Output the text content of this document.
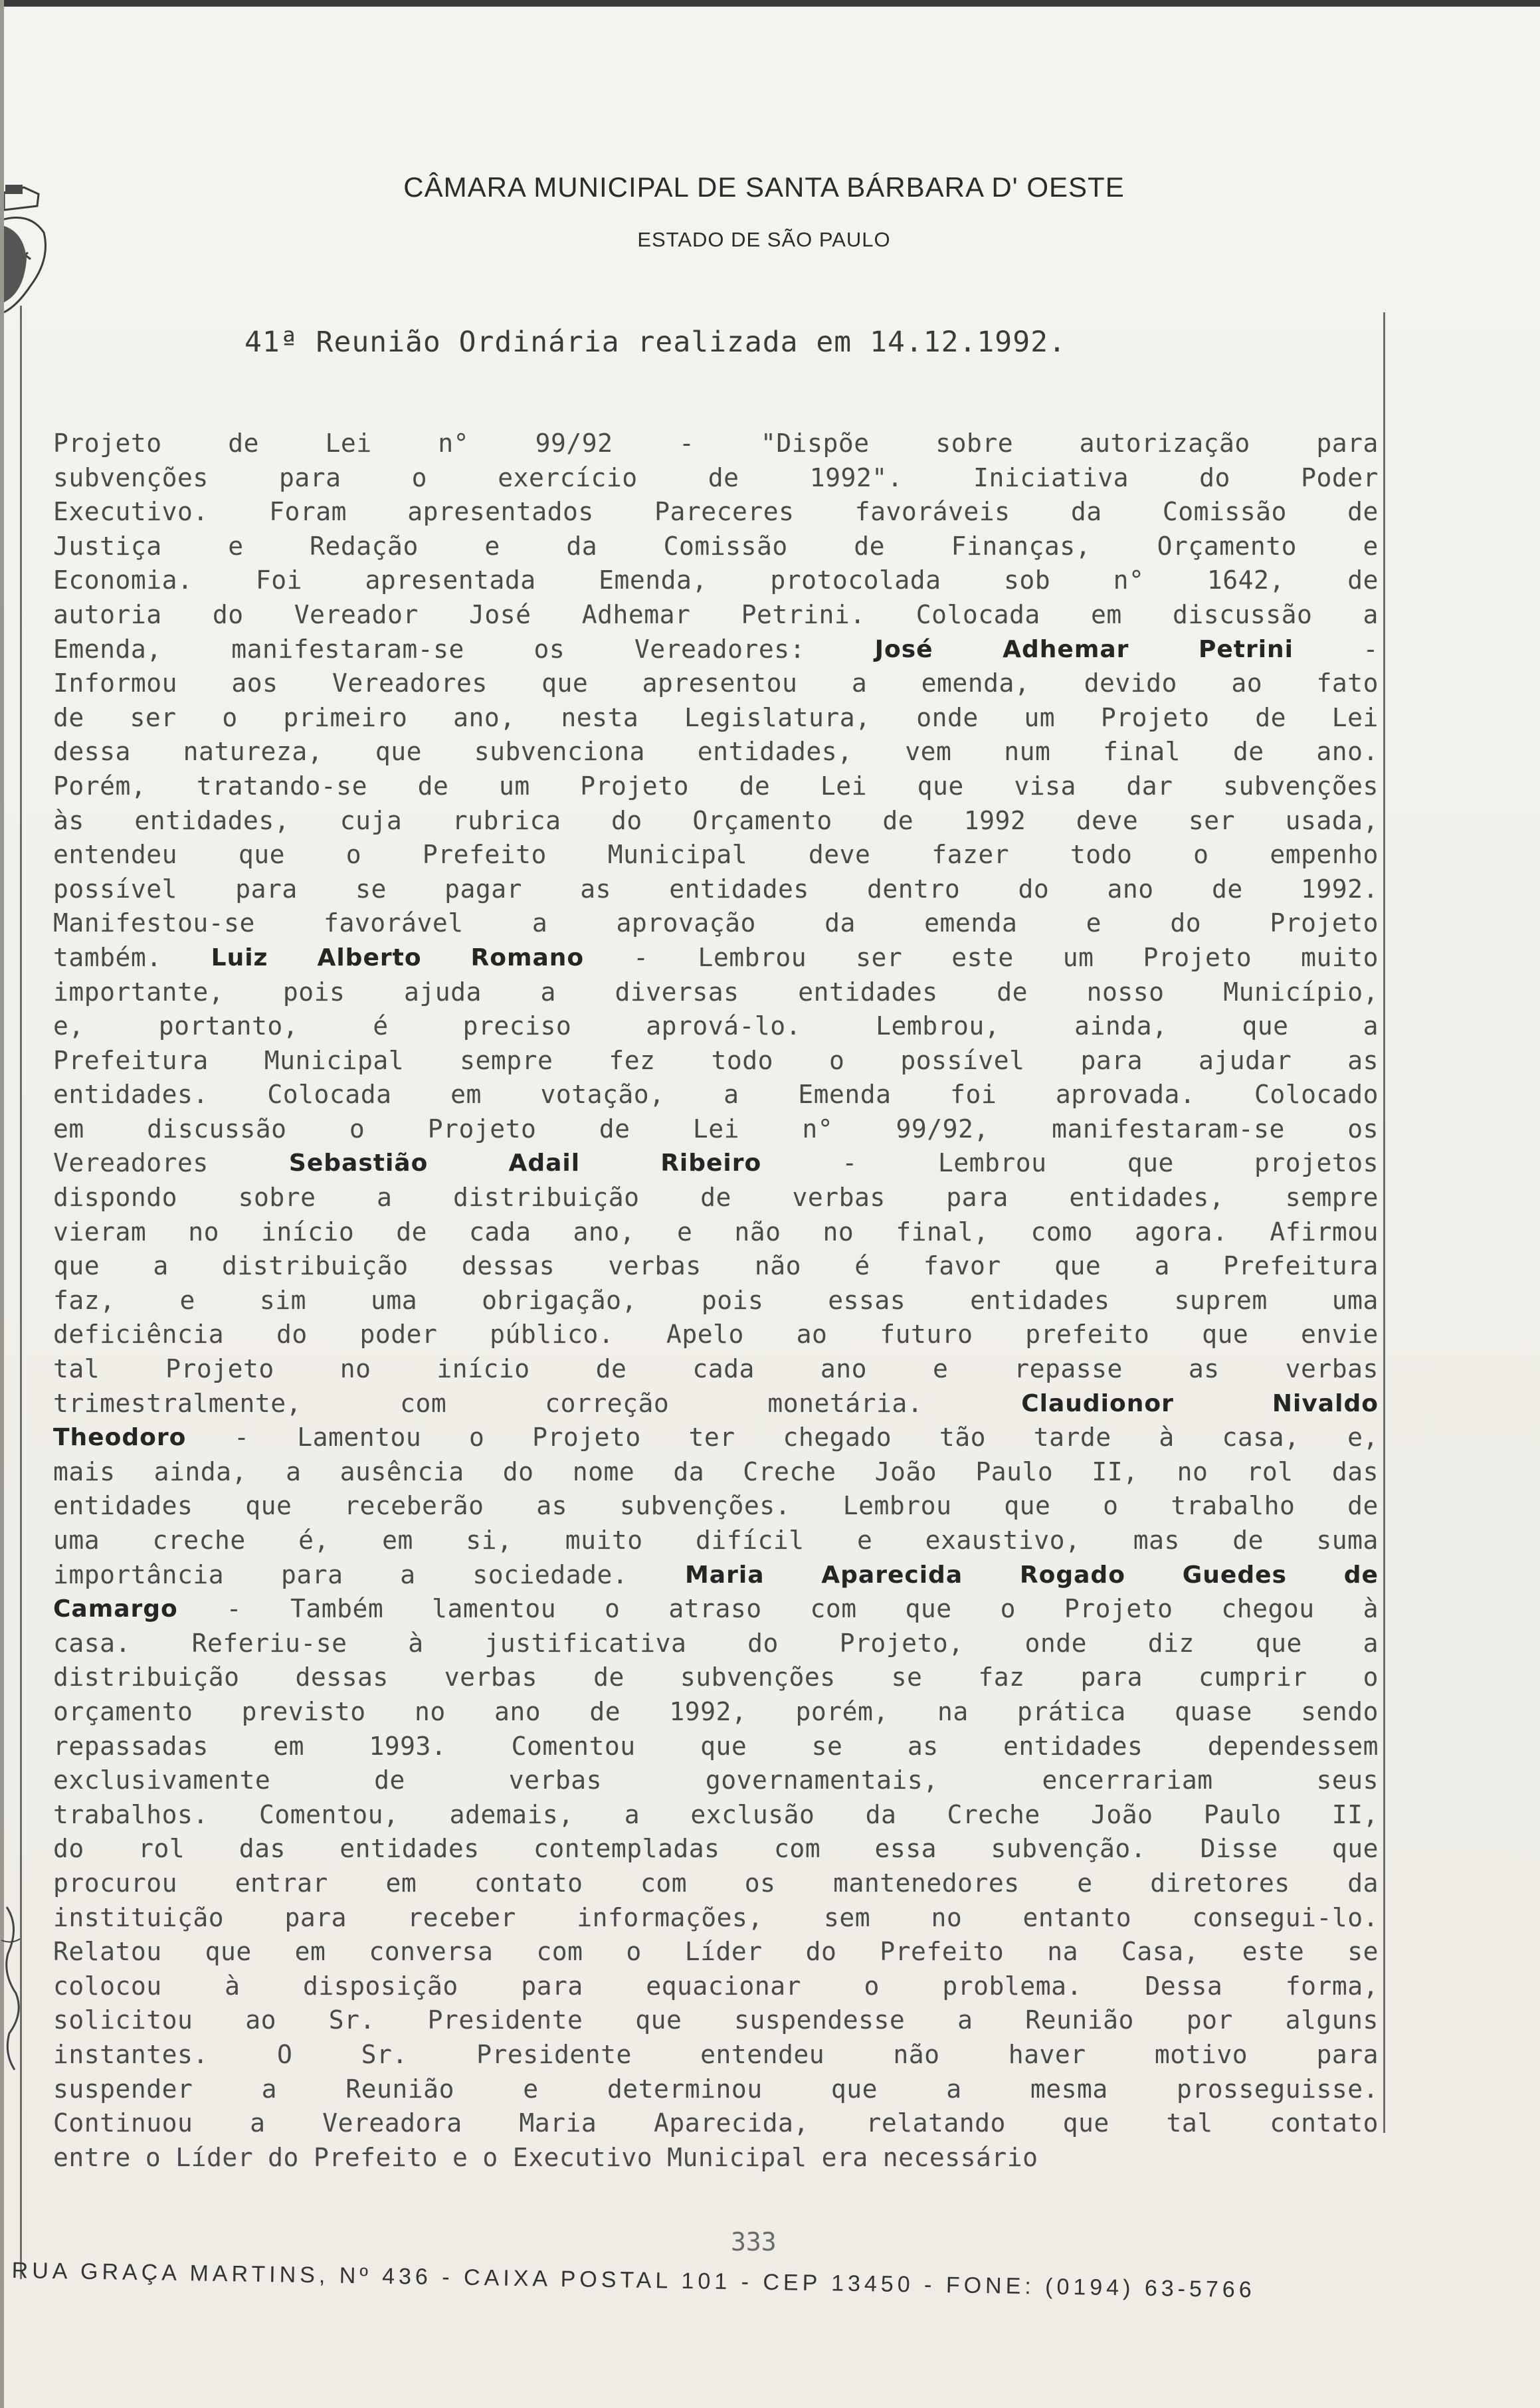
CÂMARA MUNICIPAL DE SANTA BÁRBARA D' OESTE
ESTADO DE SÃO PAULO
41ª Reunião Ordinária realizada em 14.12.1992.
Projeto	de	Lei	n°	99/92	-	"Dispõe	sobre	autorização	para
subvenções	para	o	exercício	de	1992".	Iniciativa	do	Poder
Executivo. Foram apresentados Pareceres favoráveis da Comissão de
Justiça	e	Redação	e	da	Comissão	de	Finanças,	Orçamento	e
Economia. Foi apresentada Emenda, protocolada sob n° 1642, de
autoria do Vereador José Adhemar Petrini. Colocada em discussão a
Emenda,	manifestaram-se	os	Vereadores:	José	Adhemar	Petrini	-
Informou aos Vereadores que apresentou a emenda, devido ao fato
de ser o primeiro ano, nesta Legislatura, onde um Projeto de Lei
dessa natureza, que subvenciona entidades, vem num final de ano.
Porém, tratando-se de um Projeto de Lei que visa dar subvenções
às entidades, cuja rubrica do Orçamento de 1992 deve ser usada,
entendeu que o Prefeito Municipal deve fazer todo o empenho
possível para se pagar as entidades dentro do ano de 1992.
Manifestou-se	favorável	a	aprovação	da	emenda	e	do	Projeto
também. Luiz Alberto Romano - Lembrou ser este um Projeto muito
importante, pois ajuda a diversas entidades de nosso Município,
e,	portanto,	é	preciso	aprová-lo.	Lembrou,	ainda,	que	a
Prefeitura Municipal sempre fez todo o possível para ajudar as
entidades. Colocada em votação, a Emenda foi aprovada. Colocado
em discussão o Projeto de Lei n° 99/92, manifestaram-se os
Vereadores	Sebastião	Adail	Ribeiro	-	Lembrou	que	projetos
dispondo sobre a distribuição de verbas para entidades, sempre
vieram no início de cada ano, e não no final, como agora. Afirmou
que a distribuição dessas verbas não é favor que a Prefeitura
faz,	e	sim	uma	obrigação,	pois	essas	entidades	suprem	uma
deficiência do poder público. Apelo ao futuro prefeito que envie
tal	Projeto	no	início	de	cada	ano	e	repasse	as	verbas
trimestralmente,	com	correção	monetária.	Claudionor	Nivaldo
Theodoro - Lamentou o Projeto ter chegado tão tarde à casa, e,
mais ainda, a ausência do nome da Creche João Paulo II, no rol das
entidades que receberão as subvenções. Lembrou que o trabalho de
uma creche é, em si, muito difícil e exaustivo, mas de suma
importância para a sociedade. Maria Aparecida Rogado Guedes de
Camargo - Também lamentou o atraso com que o Projeto chegou à
casa. Referiu-se à justificativa do Projeto, onde diz que a
distribuição dessas verbas de subvenções se faz para cumprir o
orçamento previsto no ano de 1992, porém, na prática quase sendo
repassadas	em	1993.	Comentou	que	se	as	entidades	dependessem
exclusivamente	de	verbas	governamentais,	encerrariam	seus
trabalhos. Comentou, ademais, a exclusão da Creche João Paulo II,
do rol das entidades contempladas com essa subvenção. Disse que
procurou entrar em contato com os mantenedores e diretores da
instituição para receber informações, sem no entanto consegui-lo.
Relatou que em conversa com o Líder do Prefeito na Casa, este se
colocou à disposição para equacionar o problema. Dessa forma,
solicitou ao Sr. Presidente que suspendesse a Reunião por alguns
instantes.	O	Sr.	Presidente	entendeu	não	haver	motivo	para
suspender	a	Reunião	e	determinou	que	a	mesma	prosseguisse.
Continuou a Vereadora Maria Aparecida, relatando que tal contato
entre o Líder do Prefeito e o Executivo Municipal era necessário
333
RUA GRAÇA MARTINS, Nº 436 - CAIXA POSTAL 101 - CEP 13450 - FONE: (0194) 63-5766
